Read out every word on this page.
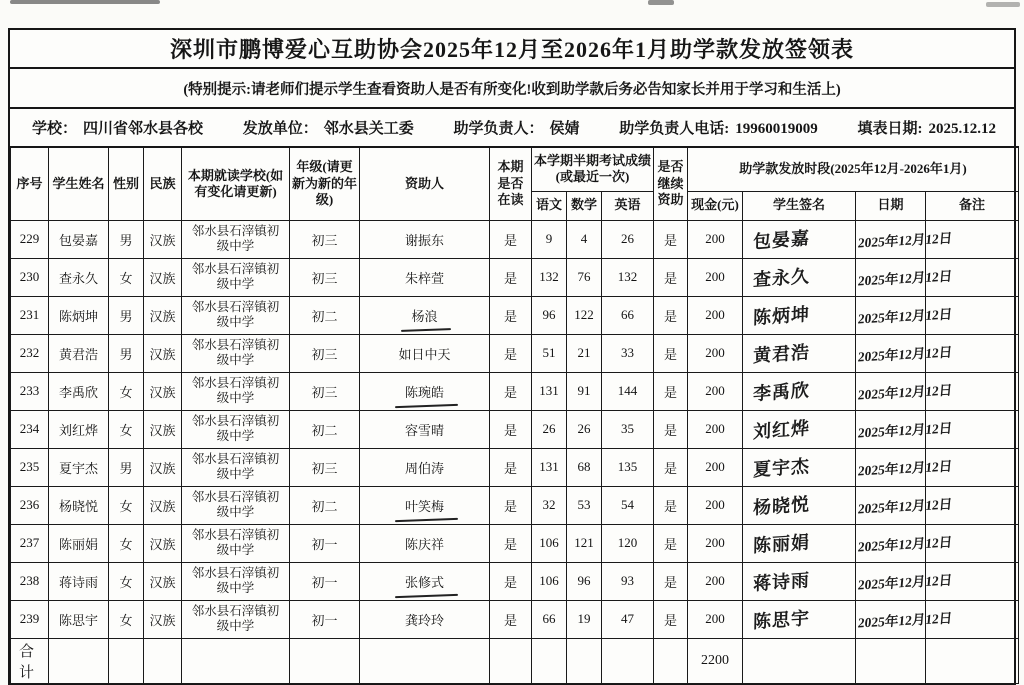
深圳市鹏博爱心互助协会2025年12月至2026年1月助学款发放签领表
(特别提示:请老师们提示学生查看资助人是否有所变化!收到助学款后务必告知家长并用于学习和生活上)
学校： 四川省邻水县各校	发放单位： 邻水县关工委	助学负责人： 侯婧	助学负责人电话: 19960019009	填表日期: 2025.12.12
序号	学生姓名	性别	民族	本期就读学校(如有变化请更新)	年级(请更新为新的年级)	资助人	本期是否在读	本学期半期考试成绩(或最近一次)			是否继续资助	助学款发放时段(2025年12月-2026年1月)			
								语文	数学	英语		现金(元)	学生签名	日期	备注
229	包晏嘉	男	汉族	邻水县石滓镇初级中学	初三	谢振东	是	9	4	26	是	200	包晏嘉	2025年12月12日	
230	查永久	女	汉族	邻水县石滓镇初级中学	初三	朱梓萱	是	132	76	132	是	200	查永久	2025年12月12日	
231	陈炳坤	男	汉族	邻水县石滓镇初级中学	初二	杨浪	是	96	122	66	是	200	陈炳坤	2025年12月12日	
232	黄君浩	男	汉族	邻水县石滓镇初级中学	初三	如日中天	是	51	21	33	是	200	黄君浩	2025年12月12日	
233	李禹欣	女	汉族	邻水县石滓镇初级中学	初三	陈琬皓	是	131	91	144	是	200	李禹欣	2025年12月12日	
234	刘红烨	女	汉族	邻水县石滓镇初级中学	初二	容雪晴	是	26	26	35	是	200	刘红烨	2025年12月12日	
235	夏宇杰	男	汉族	邻水县石滓镇初级中学	初三	周伯涛	是	131	68	135	是	200	夏宇杰	2025年12月12日	
236	杨晓悦	女	汉族	邻水县石滓镇初级中学	初二	叶笑梅	是	32	53	54	是	200	杨晓悦	2025年12月12日	
237	陈丽娟	女	汉族	邻水县石滓镇初级中学	初一	陈庆祥	是	106	121	120	是	200	陈丽娟	2025年12月12日	
238	蒋诗雨	女	汉族	邻水县石滓镇初级中学	初一	张修式	是	106	96	93	是	200	蒋诗雨	2025年12月12日	
239	陈思宇	女	汉族	邻水县石滓镇初级中学	初一	龚玲玲	是	66	19	47	是	200	陈思宇	2025年12月12日	
合计												2200			
